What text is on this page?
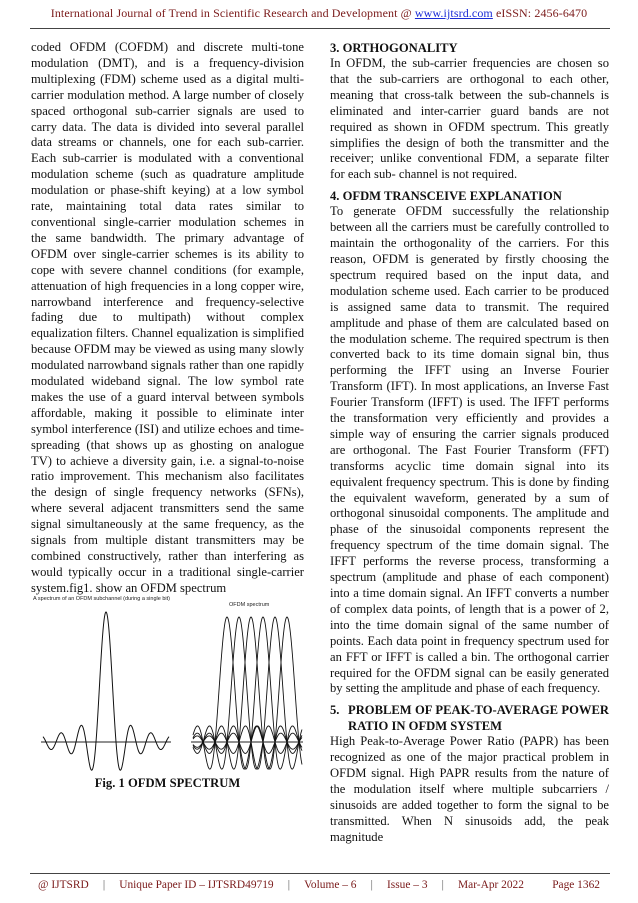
International Journal of Trend in Scientific Research and Development @ www.ijtsrd.com eISSN: 2456-6470

coded OFDM (COFDM) and discrete multi-tone modulation (DMT), and is a frequency-division multiplexing (FDM) scheme used as a digital multi-carrier modulation method. A large number of closely spaced orthogonal sub-carrier signals are used to carry data. The data is divided into several parallel data streams or channels, one for each sub-carrier. Each sub-carrier is modulated with a conventional modulation scheme (such as quadrature amplitude modulation or phase-shift keying) at a low symbol rate, maintaining total data rates similar to conventional single-carrier modulation schemes in the same bandwidth. The primary advantage of OFDM over single-carrier schemes is its ability to cope with severe channel conditions (for example, attenuation of high frequencies in a long copper wire, narrowband interference and frequency-selective fading due to multipath) without complex equalization filters. Channel equalization is simplified because OFDM may be viewed as using many slowly modulated narrowband signals rather than one rapidly modulated wideband signal. The low symbol rate makes the use of a guard interval between symbols affordable, making it possible to eliminate inter symbol interference (ISI) and utilize echoes and time-spreading (that shows up as ghosting on analogue TV) to achieve a diversity gain, i.e. a signal-to-noise ratio improvement. This mechanism also facilitates the design of single frequency networks (SFNs), where several adjacent transmitters send the same signal simultaneously at the same frequency, as the signals from multiple distant transmitters may be combined constructively, rather than interfering as would typically occur in a traditional single-carrier system.fig1. show an OFDM spectrum

A spectrum of an OFDM subchannel (during a single bit)
OFDM spectrum
Fig. 1 OFDM SPECTRUM
3. ORTHOGONALITY

In OFDM, the sub-carrier frequencies are chosen so that the sub-carriers are orthogonal to each other, meaning that cross-talk between the sub-channels is eliminated and inter-carrier guard bands are not required as shown in OFDM spectrum. This greatly simplifies the design of both the transmitter and the receiver; unlike conventional FDM, a separate filter for each sub- channel is not required.

4. OFDM TRANSCEIVE EXPLANATION

To generate OFDM successfully the relationship between all the carriers must be carefully controlled to maintain the orthogonality of the carriers. For this reason, OFDM is generated by firstly choosing the spectrum required based on the input data, and modulation scheme used. Each carrier to be produced is assigned same data to transmit. The required amplitude and phase of them are calculated based on the modulation scheme. The required spectrum is then converted back to its time domain signal bin, thus performing the IFFT using an Inverse Fourier Transform (IFT). In most applications, an Inverse Fast Fourier Transform (IFFT) is used. The IFFT performs the transformation very efficiently and provides a simple way of ensuring the carrier signals produced are orthogonal. The Fast Fourier Transform (FFT) transforms acyclic time domain signal into its equivalent frequency spectrum. This is done by finding the equivalent waveform, generated by a sum of orthogonal sinusoidal components. The amplitude and phase of the sinusoidal components represent the frequency spectrum of the time domain signal. The IFFT performs the reverse process, transforming a spectrum (amplitude and phase of each component) into a time domain signal. An IFFT converts a number of complex data points, of length that is a power of 2, into the time domain signal of the same number of points. Each data point in frequency spectrum used for an FFT or IFFT is called a bin. The orthogonal carrier required for the OFDM signal can be easily generated by setting the amplitude and phase of each frequency.

5. PROBLEM OF PEAK-TO-AVERAGE POWER RATIO IN OFDM SYSTEM

High Peak-to-Average Power Ratio (PAPR) has been recognized as one of the major practical problem in OFDM signal. High PAPR results from the nature of the modulation itself where multiple subcarriers / sinusoids are added together to form the signal to be transmitted. When N sinusoids add, the peak magnitude

@ IJTSRD	|	Unique Paper ID – IJTSRD49719	|	Volume – 6	|	Issue – 3	|	Mar-Apr 2022 Page 1362
